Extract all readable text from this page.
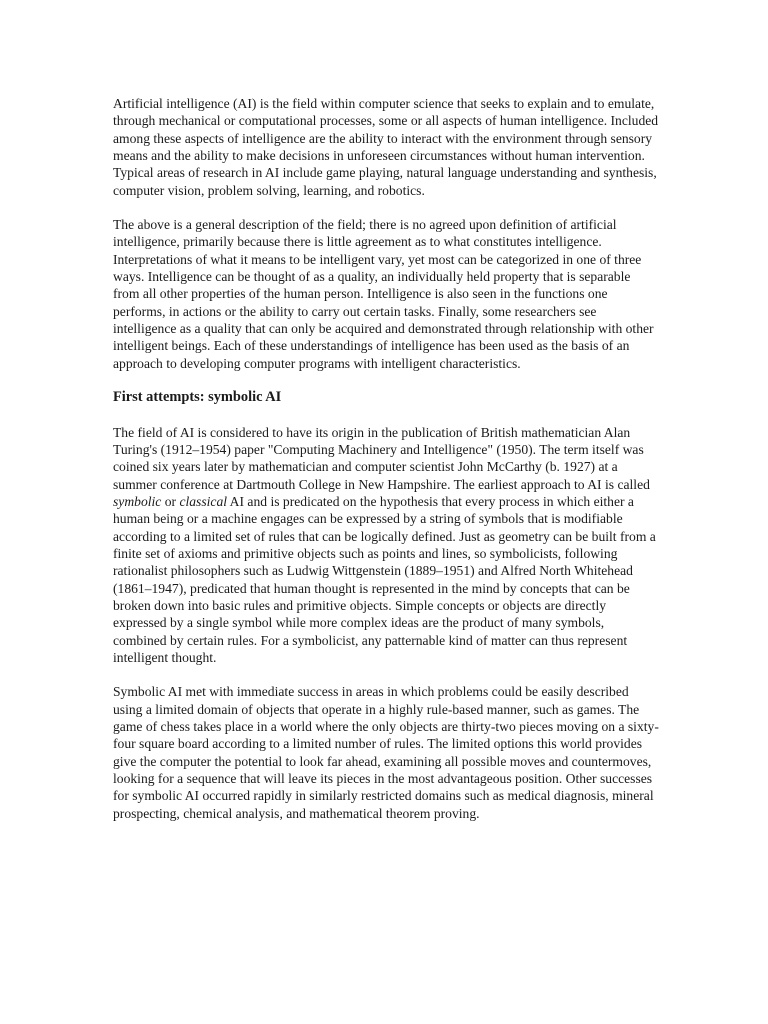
Artificial intelligence (AI) is the field within computer science that seeks to explain and to emulate, through mechanical or computational processes, some or all aspects of human intelligence. Included among these aspects of intelligence are the ability to interact with the environment through sensory means and the ability to make decisions in unforeseen circumstances without human intervention. Typical areas of research in AI include game playing, natural language understanding and synthesis, computer vision, problem solving, learning, and robotics.

The above is a general description of the field; there is no agreed upon definition of artificial intelligence, primarily because there is little agreement as to what constitutes intelligence. Interpretations of what it means to be intelligent vary, yet most can be categorized in one of three ways. Intelligence can be thought of as a quality, an individually held property that is separable from all other properties of the human person. Intelligence is also seen in the functions one performs, in actions or the ability to carry out certain tasks. Finally, some researchers see intelligence as a quality that can only be acquired and demonstrated through relationship with other intelligent beings. Each of these understandings of intelligence has been used as the basis of an approach to developing computer programs with intelligent characteristics.

First attempts: symbolic AI

The field of AI is considered to have its origin in the publication of British mathematician Alan Turing's (1912–1954) paper "Computing Machinery and Intelligence" (1950). The term itself was coined six years later by mathematician and computer scientist John McCarthy (b. 1927) at a summer conference at Dartmouth College in New Hampshire. The earliest approach to AI is called symbolic or classical AI and is predicated on the hypothesis that every process in which either a human being or a machine engages can be expressed by a string of symbols that is modifiable according to a limited set of rules that can be logically defined. Just as geometry can be built from a finite set of axioms and primitive objects such as points and lines, so symbolicists, following rationalist philosophers such as Ludwig Wittgenstein (1889–1951) and Alfred North Whitehead (1861–1947), predicated that human thought is represented in the mind by concepts that can be broken down into basic rules and primitive objects. Simple concepts or objects are directly expressed by a single symbol while more complex ideas are the product of many symbols, combined by certain rules. For a symbolicist, any patternable kind of matter can thus represent intelligent thought.

Symbolic AI met with immediate success in areas in which problems could be easily described using a limited domain of objects that operate in a highly rule-based manner, such as games. The game of chess takes place in a world where the only objects are thirty-two pieces moving on a sixty-four square board according to a limited number of rules. The limited options this world provides give the computer the potential to look far ahead, examining all possible moves and countermoves, looking for a sequence that will leave its pieces in the most advantageous position. Other successes for symbolic AI occurred rapidly in similarly restricted domains such as medical diagnosis, mineral prospecting, chemical analysis, and mathematical theorem proving.
